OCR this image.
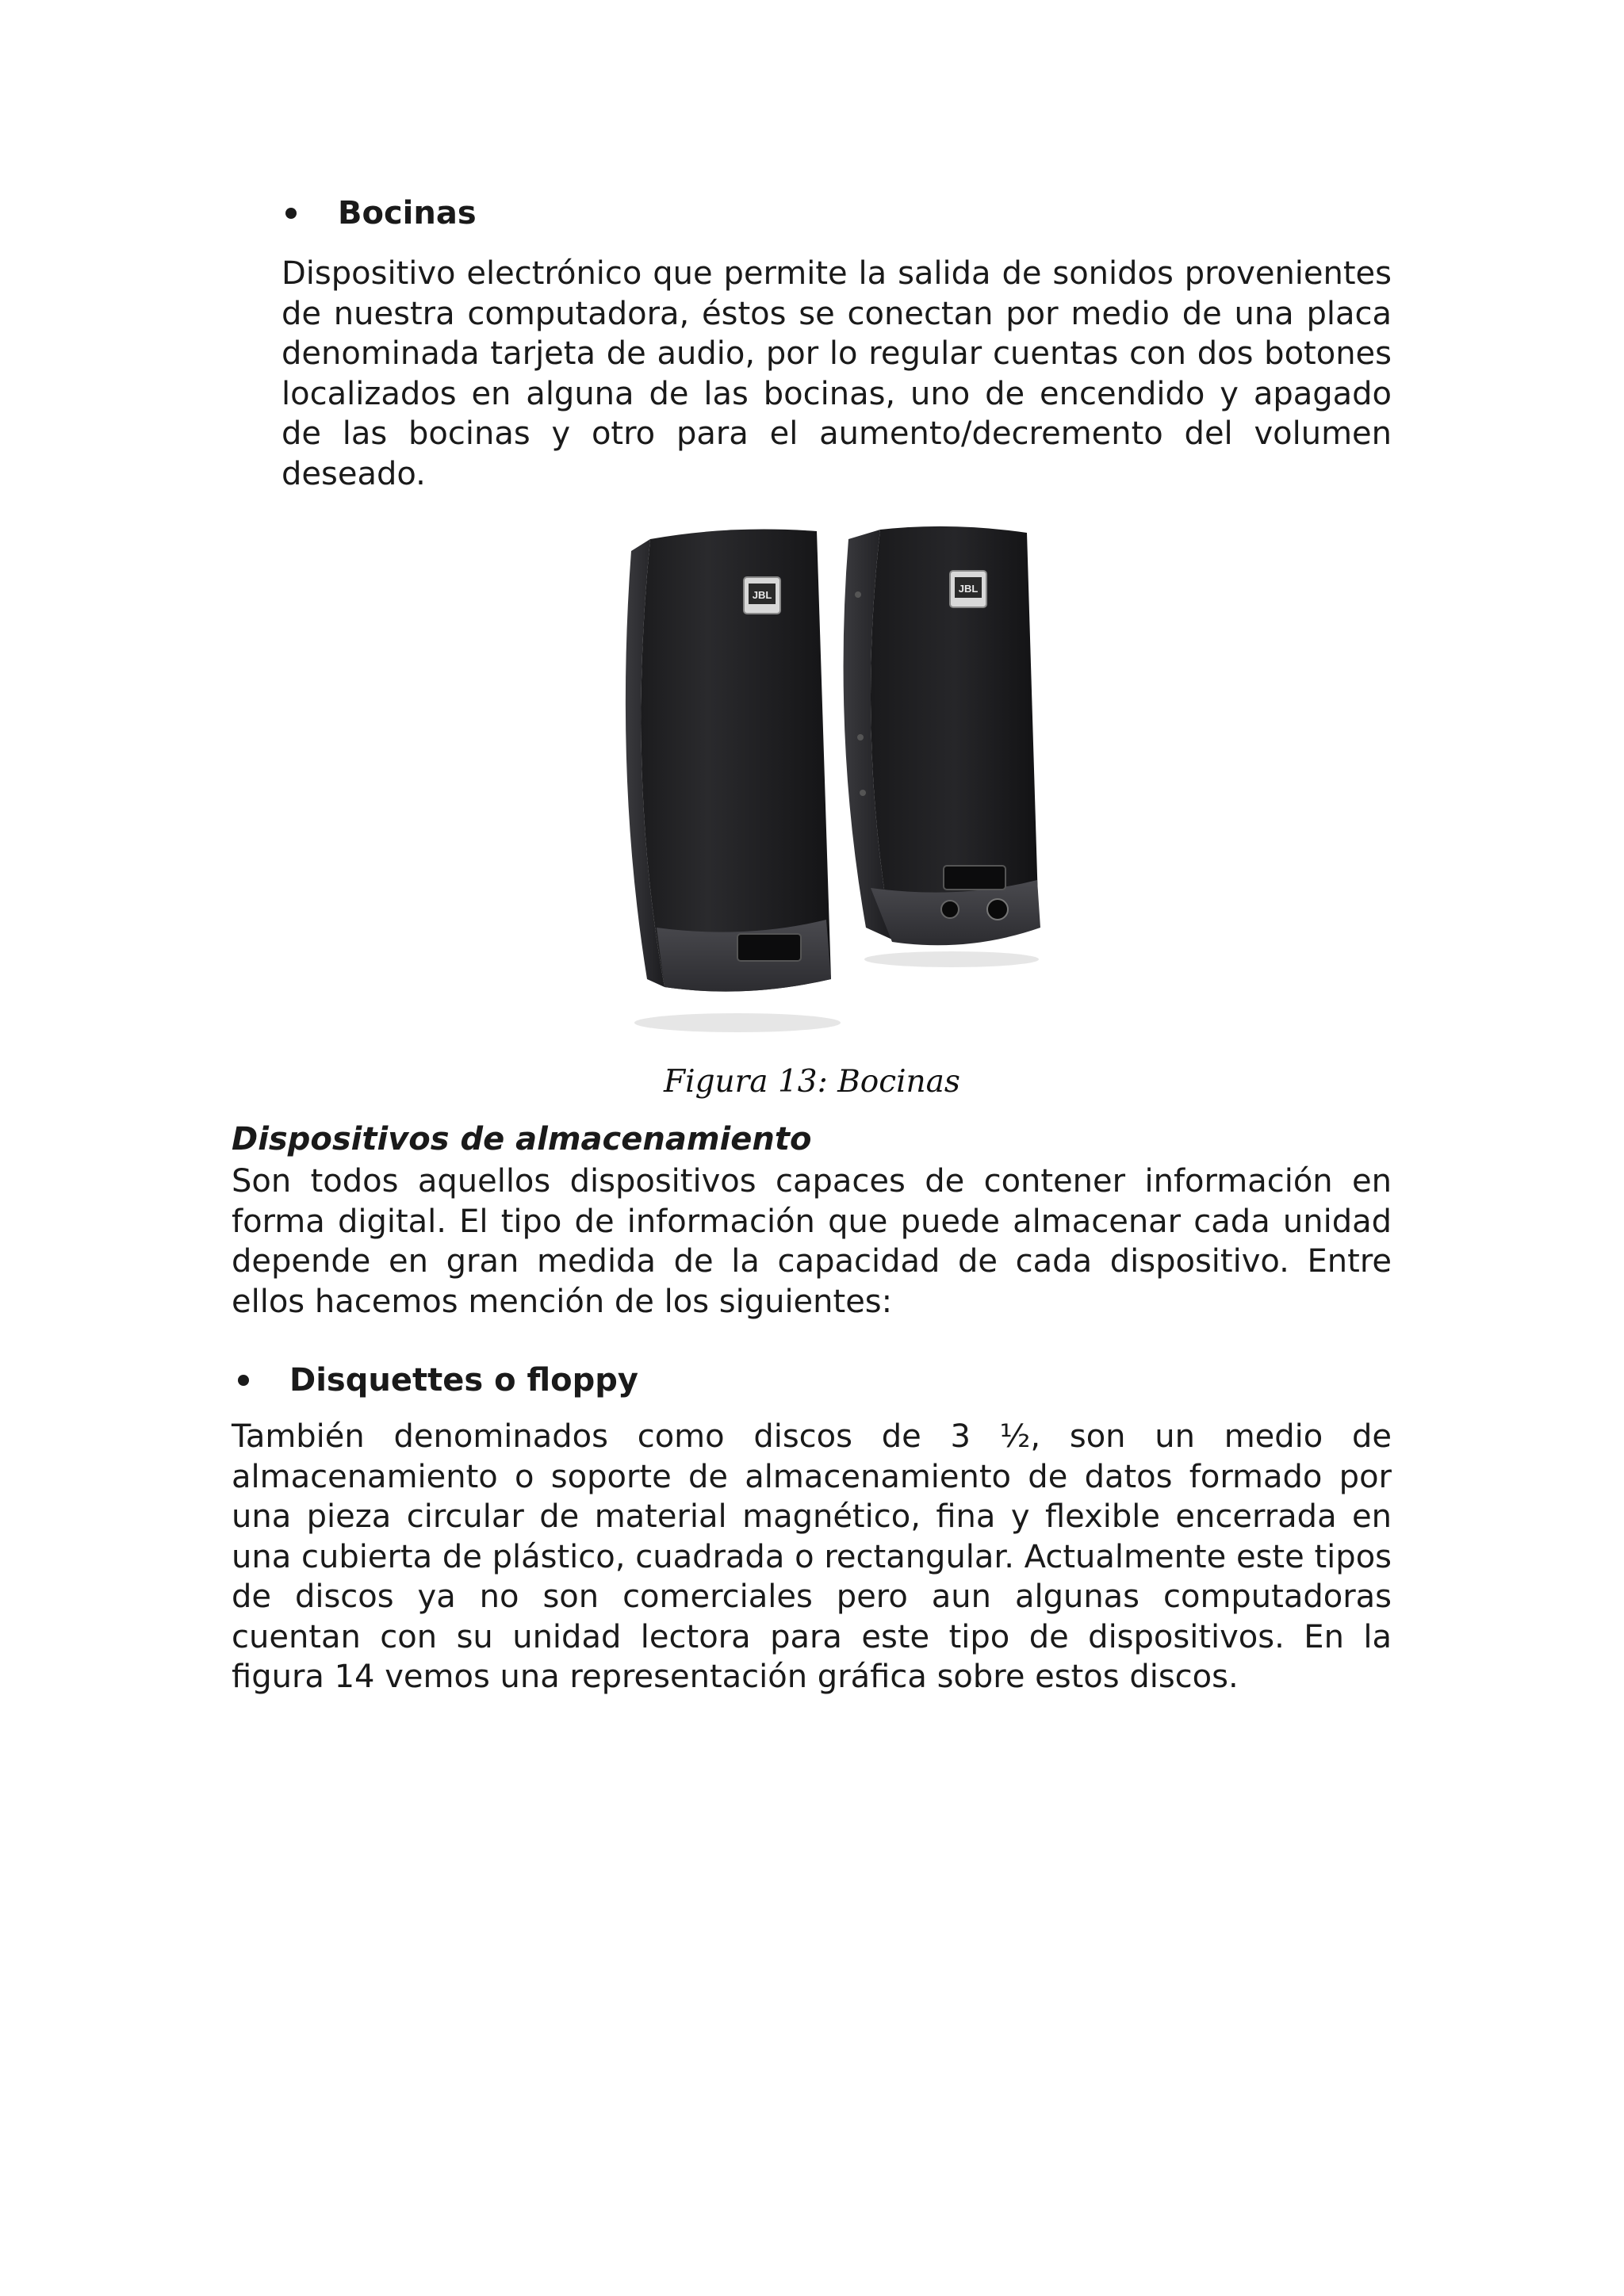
Bocinas

Dispositivo electrónico que permite la salida de sonidos provenientes de nuestra computadora, éstos se conectan por medio de una placa denominada tarjeta de audio, por lo regular cuentas con dos botones localizados en alguna de las bocinas, uno de encendido y apagado de las bocinas y otro para el aumento/decremento del volumen deseado.

JBL
JBL

Figura 13: Bocinas

Dispositivos de almacenamiento

Son todos aquellos dispositivos capaces de contener información en forma digital. El tipo de información que puede almacenar cada unidad depende en gran medida de la capacidad de cada dispositivo. Entre ellos hacemos mención de los siguientes:

Disquettes o floppy

También denominados como discos de 3 ½, son un medio de almacenamiento o soporte de almacenamiento de datos formado por una pieza circular de material magnético, fina y flexible encerrada en una cubierta de plástico, cuadrada o rectangular. Actualmente este tipos de discos ya no son comerciales pero aun algunas computadoras cuentan con su unidad lectora para este tipo de dispositivos. En la figura 14 vemos una representación gráfica sobre estos discos.
